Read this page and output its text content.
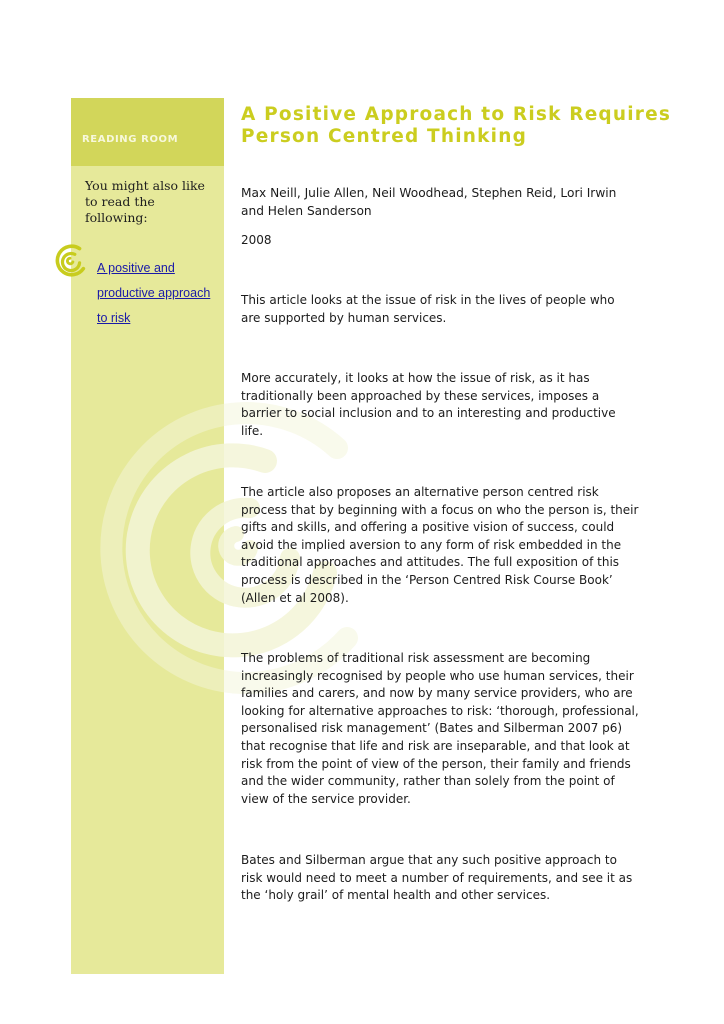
READING ROOM
You might also like to read the following:
A positive and productive approach to risk
A Positive Approach to Risk Requires Person Centred Thinking
Max Neill, Julie Allen, Neil Woodhead, Stephen Reid, Lori Irwin and Helen Sanderson
2008
This article looks at the issue of risk in the lives of people who are supported by human services.
More accurately, it looks at how the issue of risk, as it has traditionally been approached by these services, imposes a barrier to social inclusion and to an interesting and productive life.
The article also proposes an alternative person centred risk process that by beginning with a focus on who the person is, their gifts and skills, and offering a positive vision of success, could avoid the implied aversion to any form of risk embedded in the traditional approaches and attitudes. The full exposition of this process is described in the ‘Person Centred Risk Course Book’ (Allen et al 2008).
The problems of traditional risk assessment are becoming increasingly recognised by people who use human services, their families and carers, and now by many service providers, who are looking for alternative approaches to risk: ‘thorough, professional, personalised risk management’ (Bates and Silberman 2007 p6) that recognise that life and risk are inseparable, and that look at risk from the point of view of the person, their family and friends and the wider community, rather than solely from the point of view of the service provider.
Bates and Silberman argue that any such positive approach to risk would need to meet a number of requirements, and see it as the ‘holy grail’ of mental health and other services.
